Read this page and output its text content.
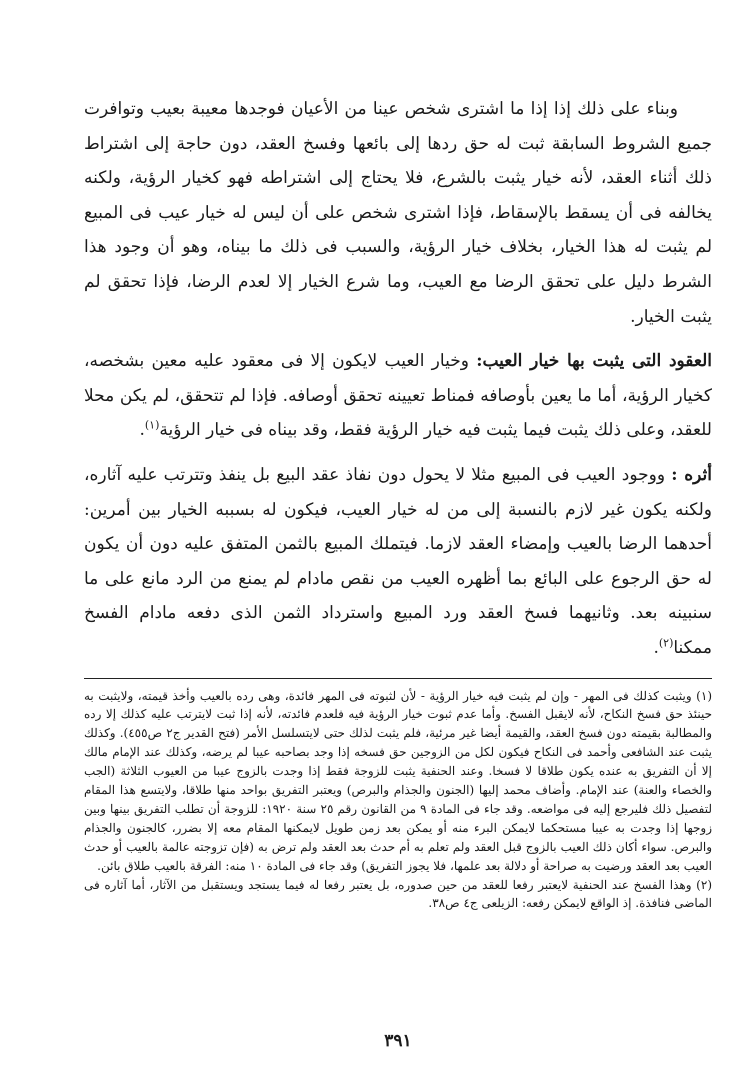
وبناء على ذلك إذا إذا ما اشترى شخص عينا من الأعيان فوجدها معيبة بعيب وتوافرت جميع الشروط السابقة ثبت له حق ردها إلى بائعها وفسخ العقد، دون حاجة إلى اشتراط ذلك أثناء العقد، لأنه خيار يثبت بالشرع، فلا يحتاج إلى اشتراطه فهو كخيار الرؤية، ولكنه يخالفه فى أن يسقط بالإسقاط، فإذا اشترى شخص على أن ليس له خيار عيب فى المبيع لم يثبت له هذا الخيار، بخلاف خيار الرؤية، والسبب فى ذلك ما بيناه، وهو أن وجود هذا الشرط دليل على تحقق الرضا مع العيب، وما شرع الخيار إلا لعدم الرضا، فإذا تحقق لم يثبت الخيار.

العقود التى يثبت بها خيار العيب: وخيار العيب لايكون إلا فى معقود عليه معين بشخصه، كخيار الرؤية، أما ما يعين بأوصافه فمناط تعيينه تحقق أوصافه. فإذا لم تتحقق، لم يكن محلا للعقد، وعلى ذلك يثبت فيما يثبت فيه خيار الرؤية فقط، وقد بيناه فى خيار الرؤية$^{(١)}$.

أثره : ووجود العيب فى المبيع مثلا لا يحول دون نفاذ عقد البيع بل ينفذ وتترتب عليه آثاره، ولكنه يكون غير لازم بالنسبة إلى من له خيار العيب، فيكون له بسببه الخيار بين أمرين: أحدهما الرضا بالعيب وإمضاء العقد لازما. فيتملك المبيع بالثمن المتفق عليه دون أن يكون له حق الرجوع على البائع بما أظهره العيب من نقص مادام لم يمنع من الرد مانع على ما سنبينه بعد. وثانيهما فسخ العقد ورد المبيع واسترداد الثمن الذى دفعه مادام الفسخ ممكنا$^{(٢)}$.

(١) ويثبت كذلك فى المهر - وإن لم يثبت فيه خيار الرؤية - لأن لثبوته فى المهر فائدة، وهى رده بالعيب وأخذ قيمته، ولايثبت به حينئذ حق فسخ النكاح، لأنه لايقبل الفسخ. وأما عدم ثبوت خيار الرؤية فيه فلعدم فائدته، لأنه إذا ثبت لايترتب عليه كذلك إلا رده والمطالبة بقيمته دون فسخ العقد، والقيمة أيضا غير مرئية، فلم يثبت لذلك حتى لايتسلسل الأمر (فتح القدير ج٢ ص٤٥٥). وكذلك يثبت عند الشافعى وأحمد فى النكاح فيكون لكل من الزوجين حق فسخه إذا وجد بصاحبه عيبا لم يرضه، وكذلك عند الإمام مالك إلا أن التفريق به عنده يكون طلاقا لا فسخا. وعند الحنفية يثبت للزوجة فقط إذا وجدت بالزوج عيبا من العيوب الثلاثة (الجب والخصاء والعنة) عند الإمام. وأضاف محمد إليها (الجنون والجذام والبرص) ويعتبر التفريق بواحد منها طلاقا، ولايتسع هذا المقام لتفصيل ذلك فليرجع إليه فى مواضعه. وقد جاء فى المادة ٩ من القانون رقم ٢٥ سنة ١٩٢٠: للزوجة أن تطلب التفريق بينها وبين زوجها إذا وجدت به عيبا مستحكما لايمكن البرء منه أو يمكن بعد زمن طويل لايمكنها المقام معه إلا بضرر، كالجنون والجذام والبرص. سواء أكان ذلك العيب بالزوج قبل العقد ولم تعلم به أم حدث بعد العقد ولم ترض به (فإن تزوجته عالمة بالعيب أو حدث العيب بعد العقد ورضيت به صراحة أو دلالة بعد علمها، فلا يجوز التفريق) وقد جاء فى المادة ١٠ منه: الفرقة بالعيب طلاق بائن.

(٢) وهذا الفسخ عند الحنفية لايعتبر رفعا للعقد من حين صدوره، بل يعتبر رفعا له فيما يستجد ويستقبل من الآثار، أما آثاره فى الماضى فنافذة. إذ الواقع لايمكن رفعه: الزيلعى ج٤ ص٣٨.

٣٩١
